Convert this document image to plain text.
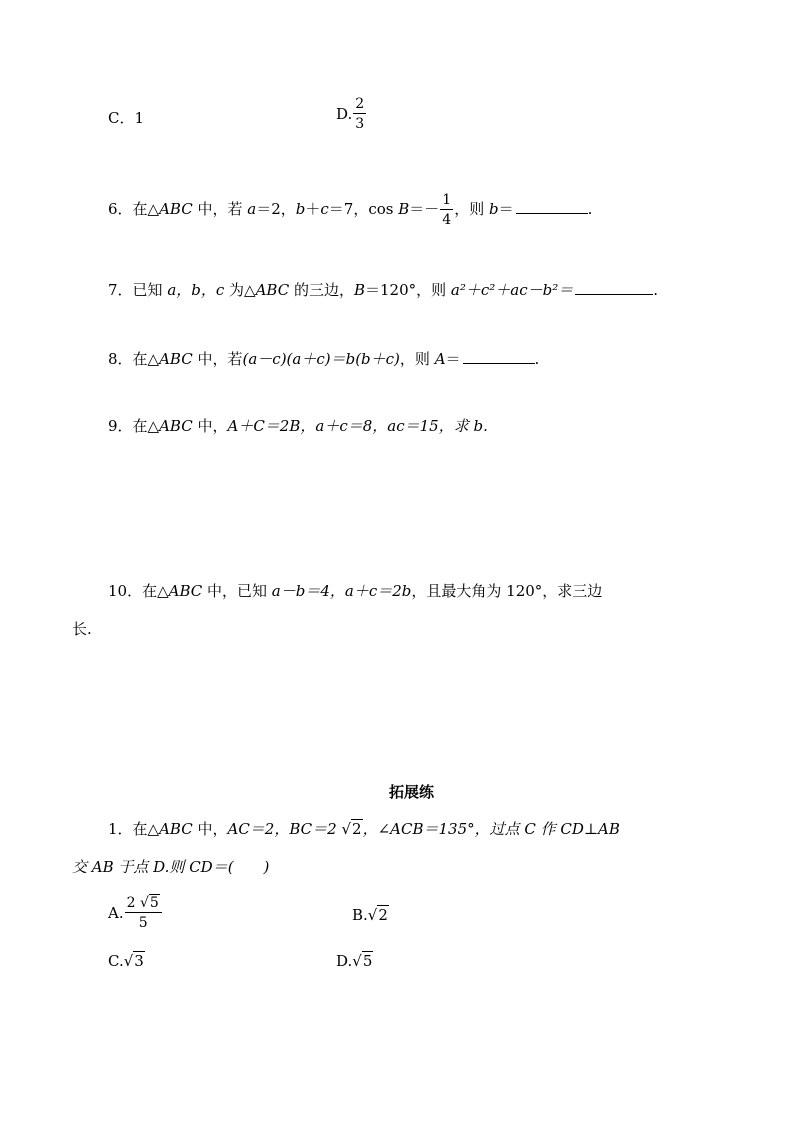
C．1	D. $\frac{2}{3}$
6．在△ABC 中，若 a＝2，b＋c＝7，$\cos B=- \frac{1}{4}$ ，则 b＝	.
7．已知 a，b，c 为△ABC 的三边，B＝120°，则 a²＋c²＋ac－b²＝	.
8．在△ABC 中，若(a－c)(a＋c)＝b(b＋c)，则 A＝	.
9．在△ABC 中，A＋C＝2B，a＋c＝8，ac＝15，求 b.
10．在△ABC 中，已知 a－b＝4，a＋c＝2b，且最大角为 120°，求三边
长.
拓展练
1．在△ABC 中，AC＝2，BC＝2 √2，∠ACB＝135°，过点 C 作 CD⊥AB
交 AB 于点 D.则 CD＝(　　)
A. $\frac{2 √5}{5}$	B.√2
C.√3	D.√5
